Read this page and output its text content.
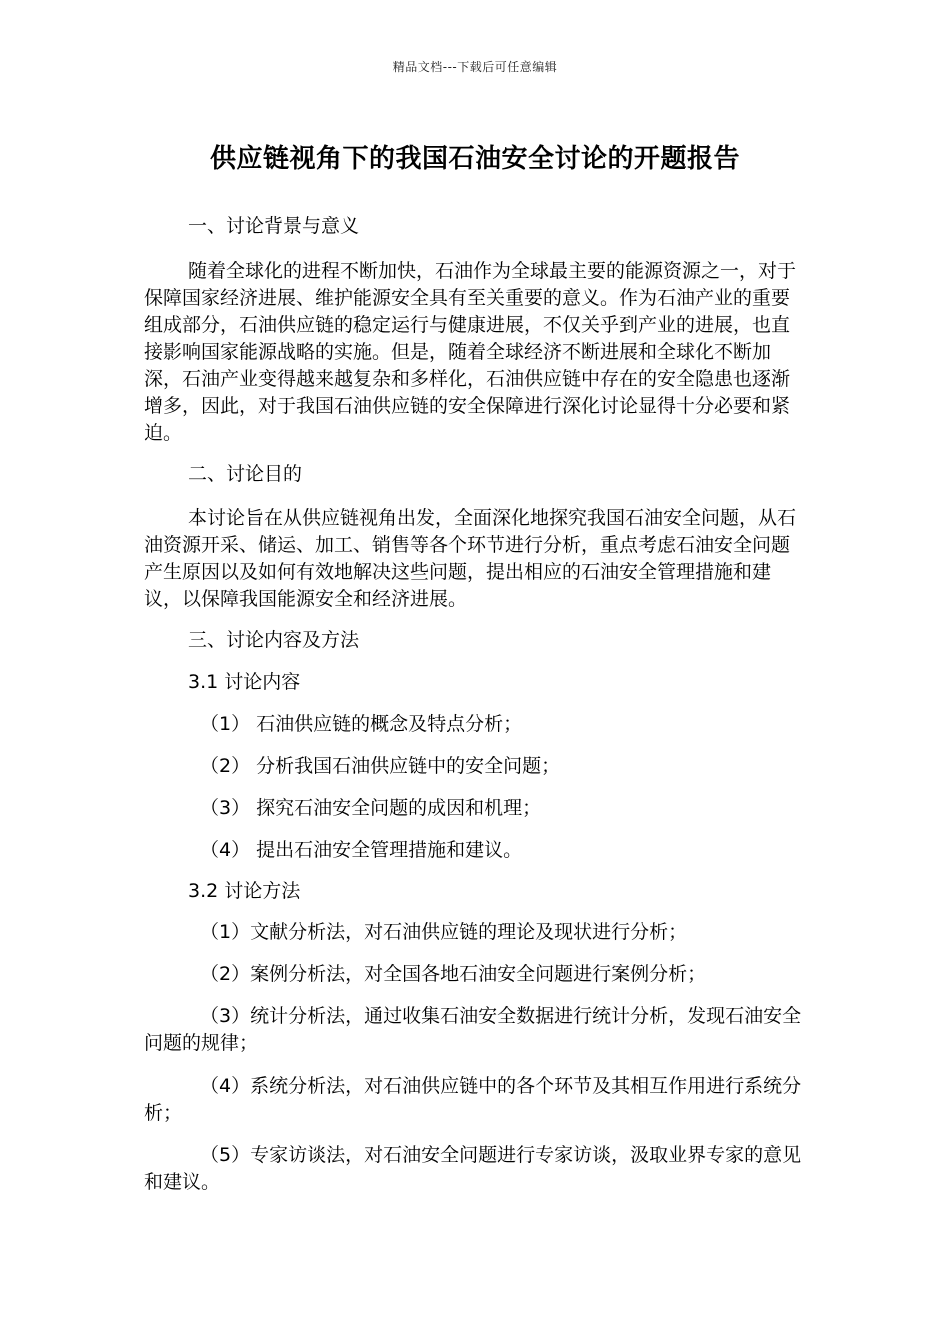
精品文档---下载后可任意编辑
供应链视角下的我国石油安全讨论的开题报告

一、讨论背景与意义

随着全球化的进程不断加快，石油作为全球最主要的能源资源之一，对于保障国家经济进展、维护能源安全具有至关重要的意义。作为石油产业的重要组成部分，石油供应链的稳定运行与健康进展，不仅关乎到产业的进展，也直接影响国家能源战略的实施。但是，随着全球经济不断进展和全球化不断加深，石油产业变得越来越复杂和多样化，石油供应链中存在的安全隐患也逐渐增多，因此，对于我国石油供应链的安全保障进行深化讨论显得十分必要和紧迫。

二、讨论目的

本讨论旨在从供应链视角出发，全面深化地探究我国石油安全问题，从石油资源开采、储运、加工、销售等各个环节进行分析，重点考虑石油安全问题产生原因以及如何有效地解决这些问题，提出相应的石油安全管理措施和建议，以保障我国能源安全和经济进展。

三、讨论内容及方法

3.1 讨论内容

（1） 石油供应链的概念及特点分析；

（2） 分析我国石油供应链中的安全问题；

（3） 探究石油安全问题的成因和机理；

（4） 提出石油安全管理措施和建议。

3.2 讨论方法

（1）文献分析法，对石油供应链的理论及现状进行分析；

（2）案例分析法，对全国各地石油安全问题进行案例分析；

（3）统计分析法，通过收集石油安全数据进行统计分析，发现石油安全问题的规律；

（4）系统分析法，对石油供应链中的各个环节及其相互作用进行系统分析；

（5）专家访谈法，对石油安全问题进行专家访谈，汲取业界专家的意见和建议。
